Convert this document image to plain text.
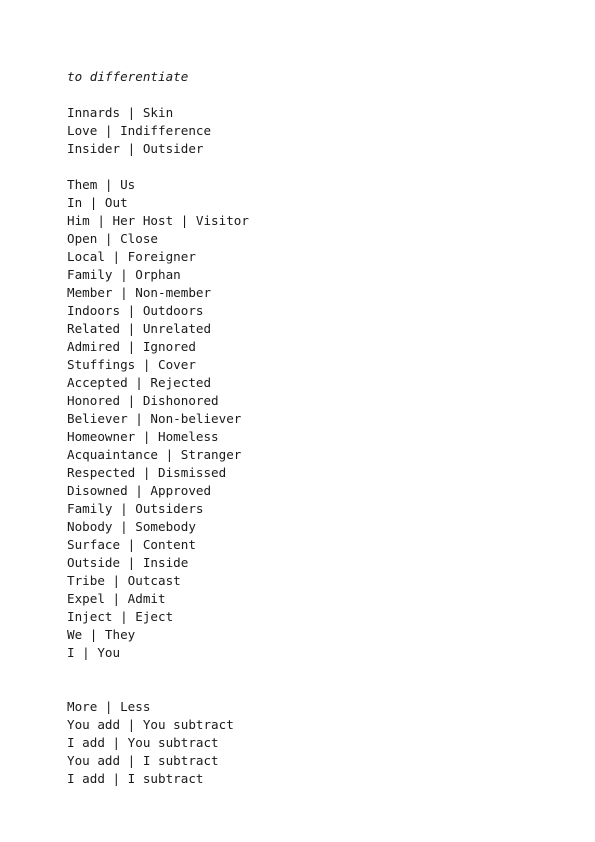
to differentiate

Innards | Skin
Love | Indifference
Insider | Outsider
Them | Us
In | Out
Him | Her Host | Visitor
Open | Close
Local | Foreigner
Family | Orphan
Member | Non-member
Indoors | Outdoors
Related | Unrelated
Admired | Ignored
Stuffings | Cover
Accepted | Rejected
Honored | Dishonored
Believer | Non-believer
Homeowner | Homeless
Acquaintance | Stranger
Respected | Dismissed
Disowned | Approved
Family | Outsiders
Nobody | Somebody
Surface | Content
Outside | Inside
Tribe | Outcast
Expel | Admit
Inject | Eject
We | They
I | You
More | Less
You add | You subtract
I add | You subtract
You add | I subtract
I add | I subtract
